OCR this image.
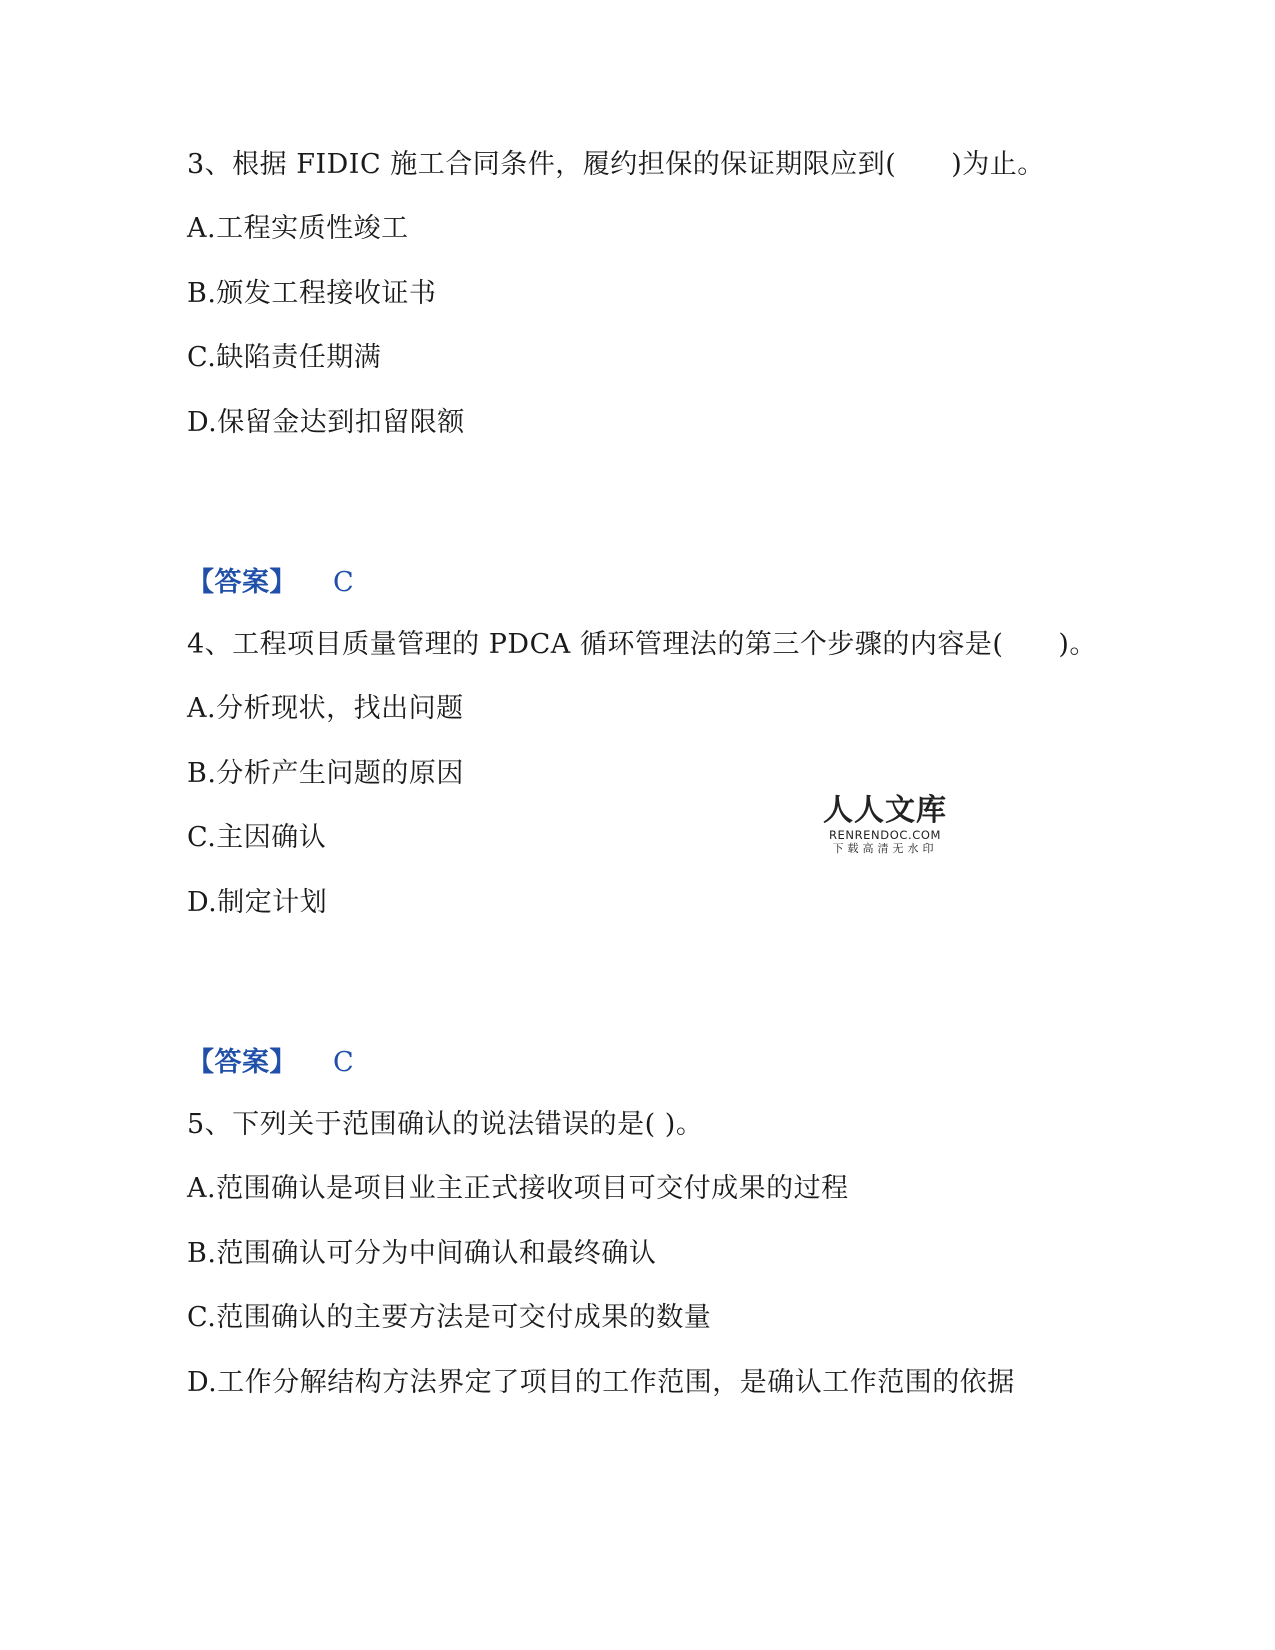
3、根据 FIDIC 施工合同条件，履约担保的保证期限应到(　　)为止。
A.工程实质性竣工
B.颁发工程接收证书
C.缺陷责任期满
D.保留金达到扣留限额
【答案】 C
4、工程项目质量管理的 PDCA 循环管理法的第三个步骤的内容是(　　)。
A.分析现状，找出问题
B.分析产生问题的原因
C.主因确认
D.制定计划
【答案】 C
5、下列关于范围确认的说法错误的是( )。
A.范围确认是项目业主正式接收项目可交付成果的过程
B.范围确认可分为中间确认和最终确认
C.范围确认的主要方法是可交付成果的数量
D.工作分解结构方法界定了项目的工作范围，是确认工作范围的依据
人人文库
RENRENDOC.COM
下载高清无水印
